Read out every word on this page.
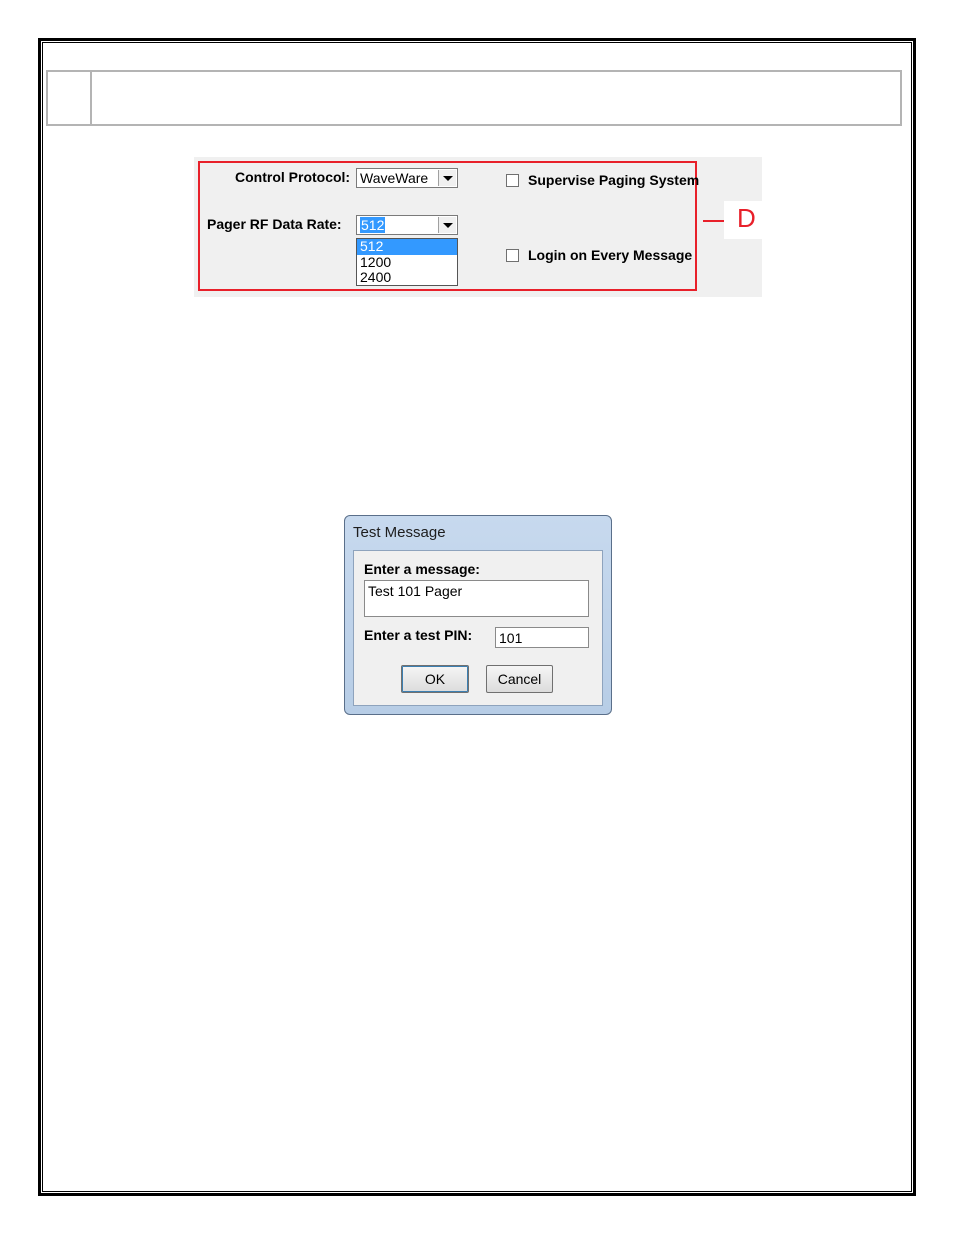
D
Control Protocol: WaveWare
Pager RF Data Rate: 512
512
1200
2400
Supervise Paging System
Login on Every Message
Test Message
Enter a message:
Test 101 Pager
Enter a test PIN: 101
OK	Cancel
